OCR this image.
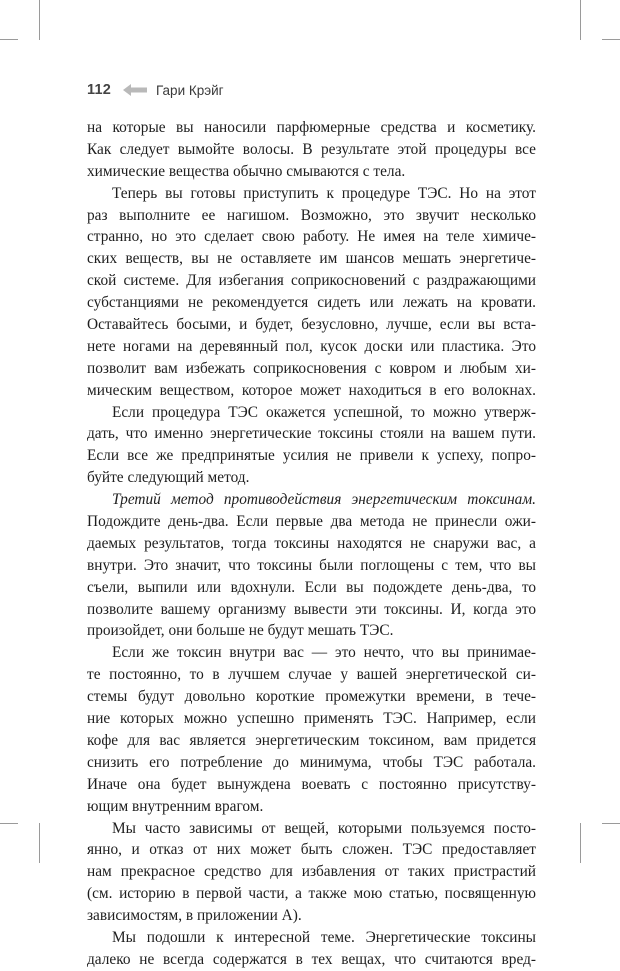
112	Гари Крэйг
на которые вы наносили парфюмерные средства и косметику.
Как следует вымойте волосы. В результате этой процедуры все
химические вещества обычно смываются с тела.
Теперь вы готовы приступить к процедуре ТЭС. Но на этот
раз выполните ее нагишом. Возможно, это звучит несколько
странно, но это сделает свою работу. Не имея на теле химиче-
ских веществ, вы не оставляете им шансов мешать энергетиче-
ской системе. Для избегания соприкосновений с раздражающими
субстанциями не рекомендуется сидеть или лежать на кровати.
Оставайтесь босыми, и будет, безусловно, лучше, если вы вста-
нете ногами на деревянный пол, кусок доски или пластика. Это
позволит вам избежать соприкосновения с ковром и любым хи-
мическим веществом, которое может находиться в его волокнах.
Если процедура ТЭС окажется успешной, то можно утверж-
дать, что именно энергетические токсины стояли на вашем пути.
Если все же предпринятые усилия не привели к успеху, попро-
буйте следующий метод.
Третий метод противодействия энергетическим токсинам.
Подождите день-два. Если первые два метода не принесли ожи-
даемых результатов, тогда токсины находятся не снаружи вас, а
внутри. Это значит, что токсины были поглощены с тем, что вы
съели, выпили или вдохнули. Если вы подождете день-два, то
позволите вашему организму вывести эти токсины. И, когда это
произойдет, они больше не будут мешать ТЭС.
Если же токсин внутри вас — это нечто, что вы принимае-
те постоянно, то в лучшем случае у вашей энергетической си-
стемы будут довольно короткие промежутки времени, в тече-
ние которых можно успешно применять ТЭС. Например, если
кофе для вас является энергетическим токсином, вам придется
снизить его потребление до минимума, чтобы ТЭС работала.
Иначе она будет вынуждена воевать с постоянно присутству-
ющим внутренним врагом.
Мы часто зависимы от вещей, которыми пользуемся посто-
янно, и отказ от них может быть сложен. ТЭС предоставляет
нам прекрасное средство для избавления от таких пристрастий
(см. историю в первой части, а также мою статью, посвященную
зависимостям, в приложении А).
Мы подошли к интересной теме. Энергетические токсины
далеко не всегда содержатся в тех вещах, что считаются вред-
